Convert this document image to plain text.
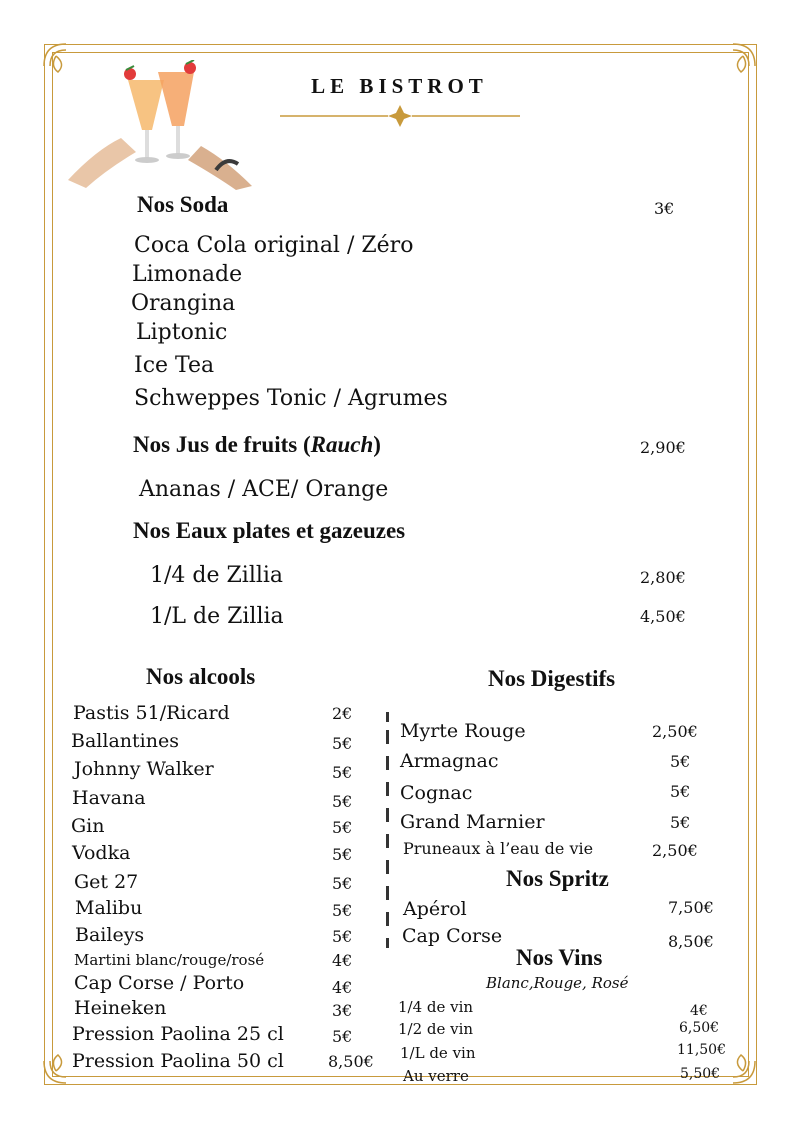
LE BISTROT
Nos Soda	3€
Coca Cola original / Zéro
Limonade
Orangina
Liptonic
Ice Tea
Schweppes Tonic / Agrumes
Nos Jus de fruits (Rauch)	2,90€
Ananas / ACE/ Orange
Nos Eaux plates et gazeuzes
1/4 de Zillia	2,80€
1/L de Zillia	4,50€
Nos alcools
Pastis 51/Ricard	2€
Ballantines	5€
Johnny Walker	5€
Havana	5€
Gin	5€
Vodka	5€
Get 27	5€
Malibu	5€
Baileys	5€
Martini blanc/rouge/rosé	4€
Cap Corse / Porto	4€
Heineken	3€
Pression Paolina 25 cl	5€
Pression Paolina 50 cl	8,50€
Nos Digestifs
Myrte Rouge	2,50€
Armagnac	5€
Cognac	5€
Grand Marnier	5€
Pruneaux à l’eau de vie	2,50€
Nos Spritz
Apérol	7,50€
Cap Corse	8,50€
Nos Vins
Blanc,Rouge, Rosé
1/4 de vin	4€
1/2 de vin	6,50€
1/L de vin	11,50€
Au verre	5,50€
